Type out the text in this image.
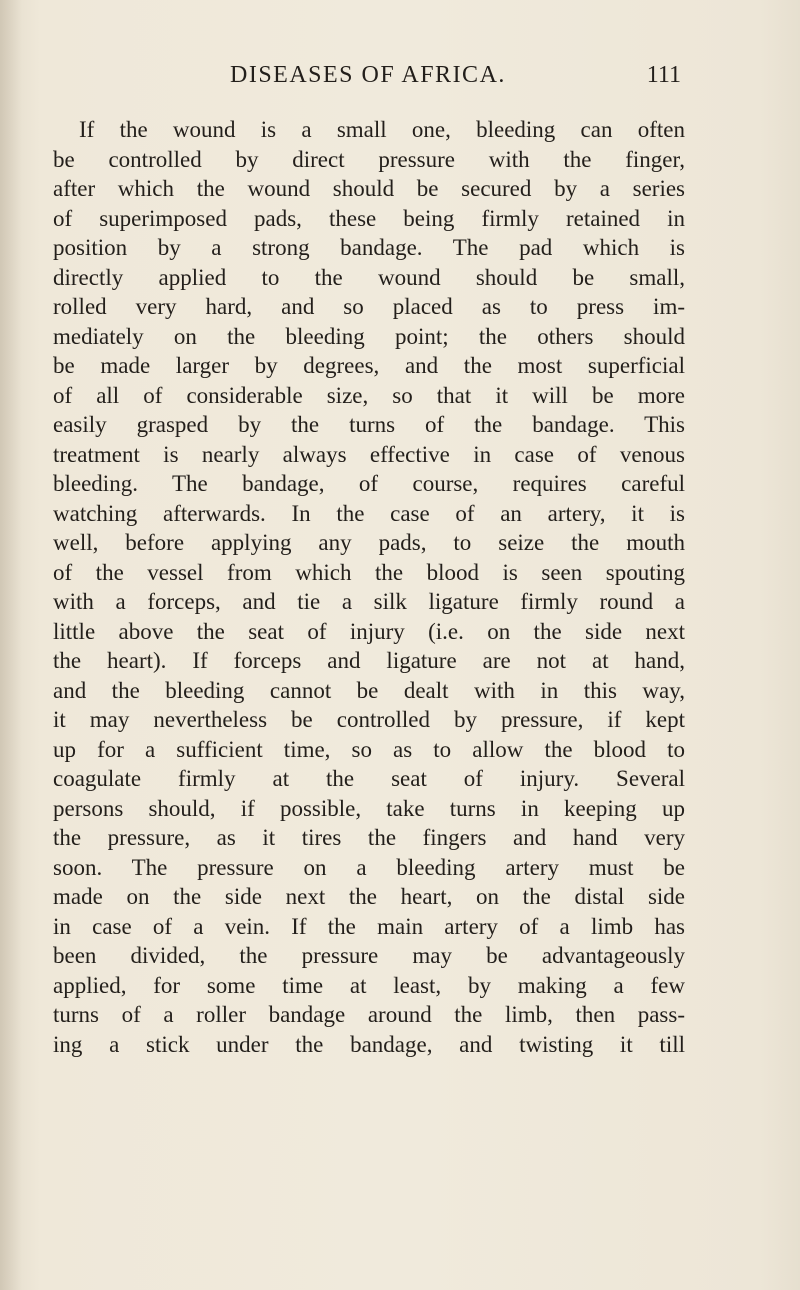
DISEASES OF AFRICA.	111
If the wound is a small one, bleeding can often
be controlled by direct pressure with the finger,
after which the wound should be secured by a series
of superimposed pads, these being firmly retained in
position by a strong bandage. The pad which is
directly applied to the wound should be small,
rolled very hard, and so placed as to press im-
mediately on the bleeding point; the others should
be made larger by degrees, and the most superficial
of all of considerable size, so that it will be more
easily grasped by the turns of the bandage. This
treatment is nearly always effective in case of venous
bleeding. The bandage, of course, requires careful
watching afterwards. In the case of an artery, it is
well, before applying any pads, to seize the mouth
of the vessel from which the blood is seen spouting
with a forceps, and tie a silk ligature firmly round a
little above the seat of injury (i.e. on the side next
the heart). If forceps and ligature are not at hand,
and the bleeding cannot be dealt with in this way,
it may nevertheless be controlled by pressure, if kept
up for a sufficient time, so as to allow the blood to
coagulate firmly at the seat of injury. Several
persons should, if possible, take turns in keeping up
the pressure, as it tires the fingers and hand very
soon. The pressure on a bleeding artery must be
made on the side next the heart, on the distal side
in case of a vein. If the main artery of a limb has
been divided, the pressure may be advantageously
applied, for some time at least, by making a few
turns of a roller bandage around the limb, then pass-
ing a stick under the bandage, and twisting it till
